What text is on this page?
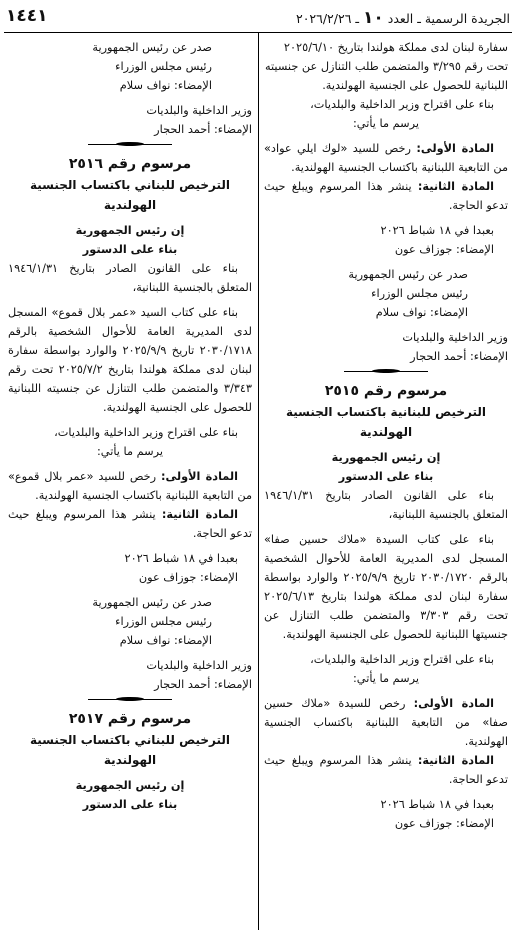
الجريدة الرسمية ـ العدد ١٠ ـ ٢٠٢٦/٢/٢٦
١٤٤١

سفارة لبنان لدى مملكة هولندا بتاريخ ٢٠٢٥/٦/١٠

تحت رقم ٣/٢٩٥ والمتضمن طلب التنازل عن جنسيته

اللبنانية للحصول على الجنسية الهولندية.

بناء على اقتراح وزير الداخلية والبلديات،

يرسم ما يأتي:

المادة الأولى: رخص للسيد «لوك ايلي عواد» من التابعية اللبنانية باكتساب الجنسية الهولندية.

المادة الثانية: ينشر هذا المرسوم ويبلغ حيث تدعو الحاجة.

بعبدا في ١٨ شباط ٢٠٢٦

الإمضاء: جوزاف عون

صدر عن رئيس الجمهورية

رئيس مجلس الوزراء

الإمضاء: نواف سلام

وزير الداخلية والبلديات

الإمضاء: أحمد الحجار

مرسوم رقم ٢٥١٥
الترخيص للبنانية باكتساب الجنسية الهولندية

إن رئيس الجمهورية

بناء على الدستور

بناء على القانون الصادر بتاريخ ١٩٤٦/١/٣١ المتعلق بالجنسية اللبنانية،

بناء على كتاب السيدة «ملاك حسين صفا» المسجل لدى المديرية العامة للأحوال الشخصية بالرقم ٢٠٣٠/١٧٢٠ تاريخ ٢٠٢٥/٩/٩ والوارد بواسطة سفارة لبنان لدى مملكة هولندا بتاريخ ٢٠٢٥/٦/١٣ تحت رقم ٣/٣٠٣ والمتضمن طلب التنازل عن جنسيتها اللبنانية للحصول على الجنسية الهولندية.

بناء على اقتراح وزير الداخلية والبلديات،

يرسم ما يأتي:

المادة الأولى: رخص للسيدة «ملاك حسين صفا» من التابعية اللبنانية باكتساب الجنسية الهولندية.

المادة الثانية: ينشر هذا المرسوم ويبلغ حيث تدعو الحاجة.

بعبدا في ١٨ شباط ٢٠٢٦

الإمضاء: جوزاف عون

صدر عن رئيس الجمهورية

رئيس مجلس الوزراء

الإمضاء: نواف سلام

وزير الداخلية والبلديات

الإمضاء: أحمد الحجار

مرسوم رقم ٢٥١٦
الترخيص للبناني باكتساب الجنسية الهولندية

إن رئيس الجمهورية

بناء على الدستور

بناء على القانون الصادر بتاريخ ١٩٤٦/١/٣١ المتعلق بالجنسية اللبنانية،

بناء على كتاب السيد «عمر بلال قموع» المسجل لدى المديرية العامة للأحوال الشخصية بالرقم ٢٠٣٠/١٧١٨ تاريخ ٢٠٢٥/٩/٩ والوارد بواسطة سفارة لبنان لدى مملكة هولندا بتاريخ ٢٠٢٥/٧/٢ تحت رقم ٣/٣٤٣ والمتضمن طلب التنازل عن جنسيته اللبنانية للحصول على الجنسية الهولندية.

بناء على اقتراح وزير الداخلية والبلديات،

يرسم ما يأتي:

المادة الأولى: رخص للسيد «عمر بلال قموع» من التابعية اللبنانية باكتساب الجنسية الهولندية.

المادة الثانية: ينشر هذا المرسوم ويبلغ حيث تدعو الحاجة.

بعبدا في ١٨ شباط ٢٠٢٦

الإمضاء: جوزاف عون

صدر عن رئيس الجمهورية

رئيس مجلس الوزراء

الإمضاء: نواف سلام

وزير الداخلية والبلديات

الإمضاء: أحمد الحجار

مرسوم رقم ٢٥١٧
الترخيص للبناني باكتساب الجنسية الهولندية

إن رئيس الجمهورية

بناء على الدستور
